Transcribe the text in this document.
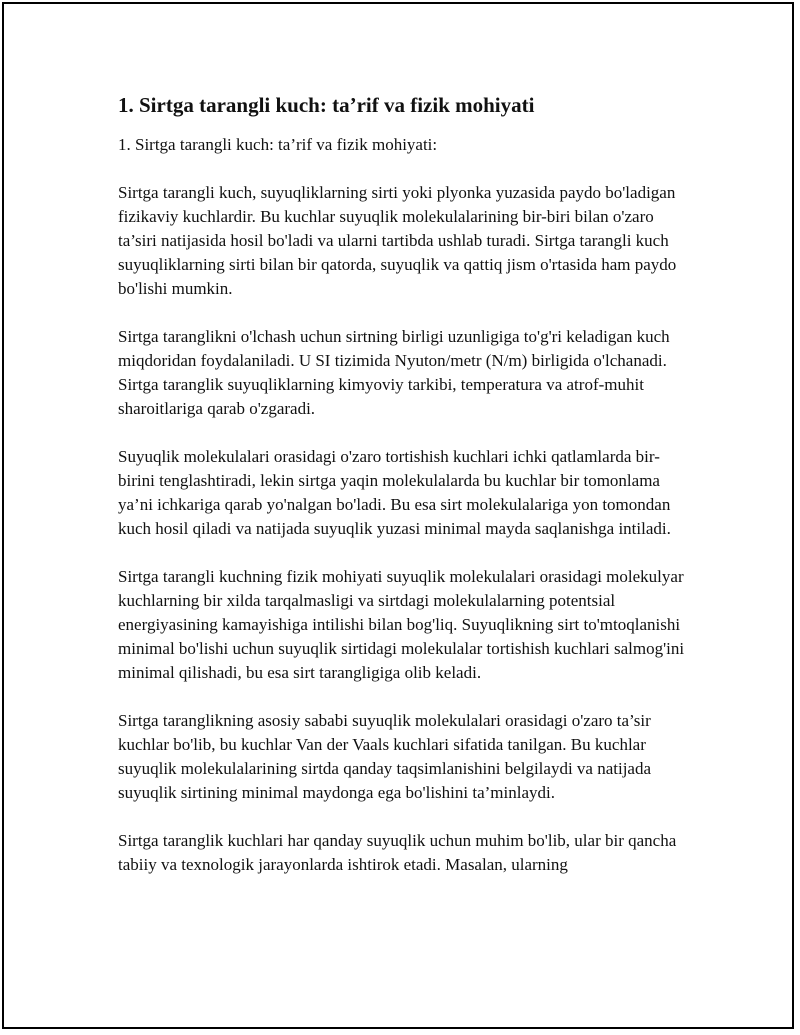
1. Sirtga tarangli kuch: ta’rif va fizik mohiyati

1. Sirtga tarangli kuch: ta’rif va fizik mohiyati:

Sirtga tarangli kuch, suyuqliklarning sirti yoki plyonka yuzasida paydo bo'ladigan fizikaviy kuchlardir. Bu kuchlar suyuqlik molekulalarining bir-biri bilan o'zaro ta’siri natijasida hosil bo'ladi va ularni tartibda ushlab turadi. Sirtga tarangli kuch suyuqliklarning sirti bilan bir qatorda, suyuqlik va qattiq jism o'rtasida ham paydo bo'lishi mumkin.

Sirtga taranglikni o'lchash uchun sirtning birligi uzunligiga to'g'ri keladigan kuch miqdoridan foydalaniladi. U SI tizimida Nyuton/metr (N/m) birligida o'lchanadi. Sirtga taranglik suyuqliklarning kimyoviy tarkibi, temperatura va atrof-muhit sharoitlariga qarab o'zgaradi.

Suyuqlik molekulalari orasidagi o'zaro tortishish kuchlari ichki qatlamlarda bir-birini tenglashtiradi, lekin sirtga yaqin molekulalarda bu kuchlar bir tomonlama ya’ni ichkariga qarab yo'nalgan bo'ladi. Bu esa sirt molekulalariga yon tomondan kuch hosil qiladi va natijada suyuqlik yuzasi minimal mayda saqlanishga intiladi.

Sirtga tarangli kuchning fizik mohiyati suyuqlik molekulalari orasidagi molekulyar kuchlarning bir xilda tarqalmasligi va sirtdagi molekulalarning potentsial energiyasining kamayishiga intilishi bilan bog'liq. Suyuqlikning sirt to'mtoqlanishi minimal bo'lishi uchun suyuqlik sirtidagi molekulalar tortishish kuchlari salmog'ini minimal qilishadi, bu esa sirt tarangligiga olib keladi.

Sirtga taranglikning asosiy sababi suyuqlik molekulalari orasidagi o'zaro ta’sir kuchlar bo'lib, bu kuchlar Van der Vaals kuchlari sifatida tanilgan. Bu kuchlar suyuqlik molekulalarining sirtda qanday taqsimlanishini belgilaydi va natijada suyuqlik sirtining minimal maydonga ega bo'lishini ta’minlaydi.

Sirtga taranglik kuchlari har qanday suyuqlik uchun muhim bo'lib, ular bir qancha tabiiy va texnologik jarayonlarda ishtirok etadi. Masalan, ularning
